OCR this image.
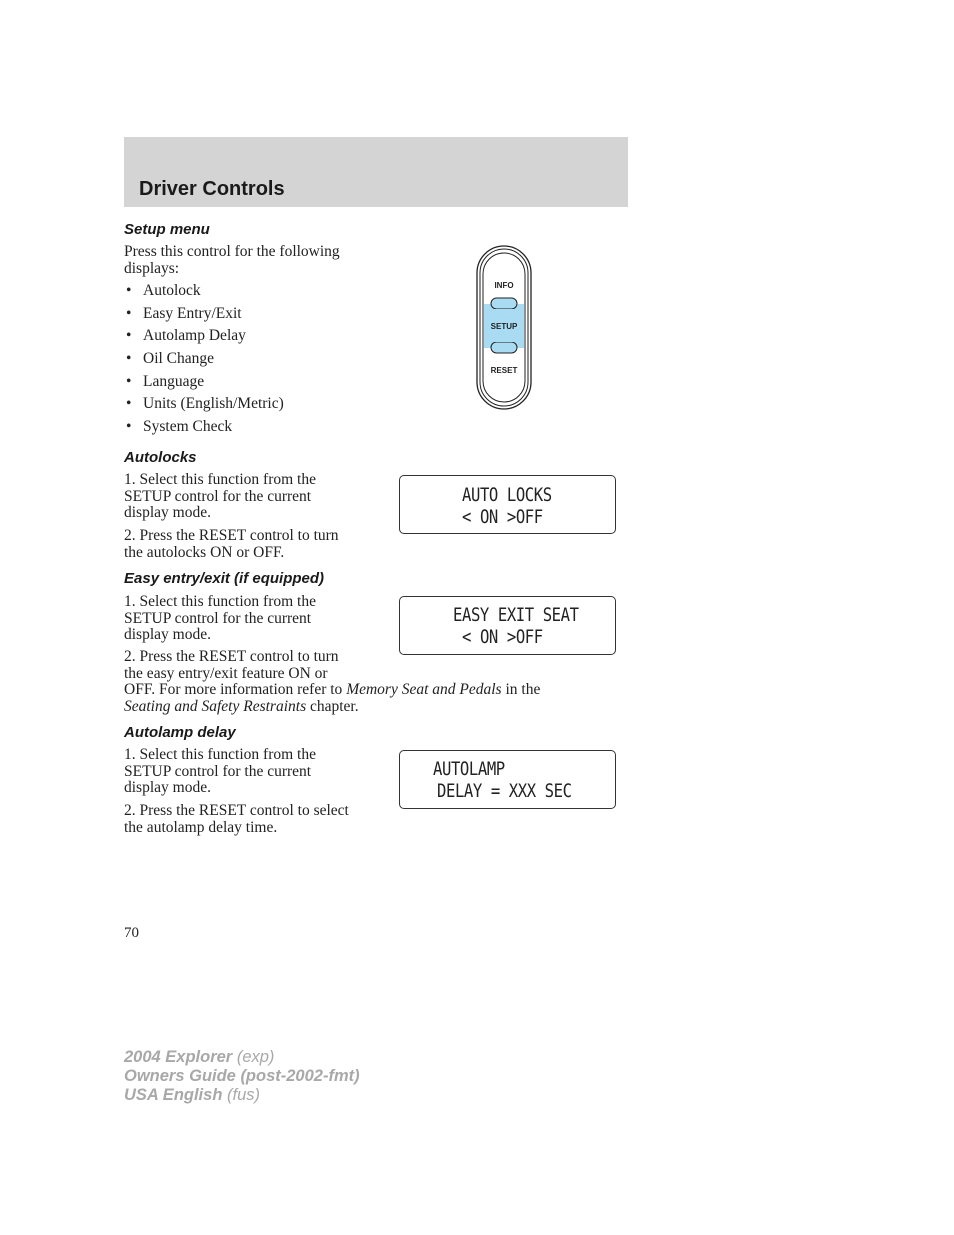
Driver Controls
Setup menu
Press this control for the following
displays:
• Autolock
• Easy Entry/Exit
• Autolamp Delay
• Oil Change
• Language
• Units (English/Metric)
• System Check
INFO
SETUP
RESET
Autolocks
1. Select this function from the
SETUP control for the current
display mode.
2. Press the RESET control to turn
the autolocks ON or OFF.
AUTO LOCKS
< ON >OFF
Easy entry/exit (if equipped)
1. Select this function from the
SETUP control for the current
display mode.
2. Press the RESET control to turn
the easy entry/exit feature ON or
OFF. For more information refer to Memory Seat and Pedals in the
Seating and Safety Restraints chapter.
EASY EXIT SEAT
< ON >OFF
Autolamp delay
1. Select this function from the
SETUP control for the current
display mode.
2. Press the RESET control to select
the autolamp delay time.
AUTOLAMP
DELAY = XXX SEC
70
2004 Explorer (exp)
Owners Guide (post-2002-fmt)
USA English (fus)
